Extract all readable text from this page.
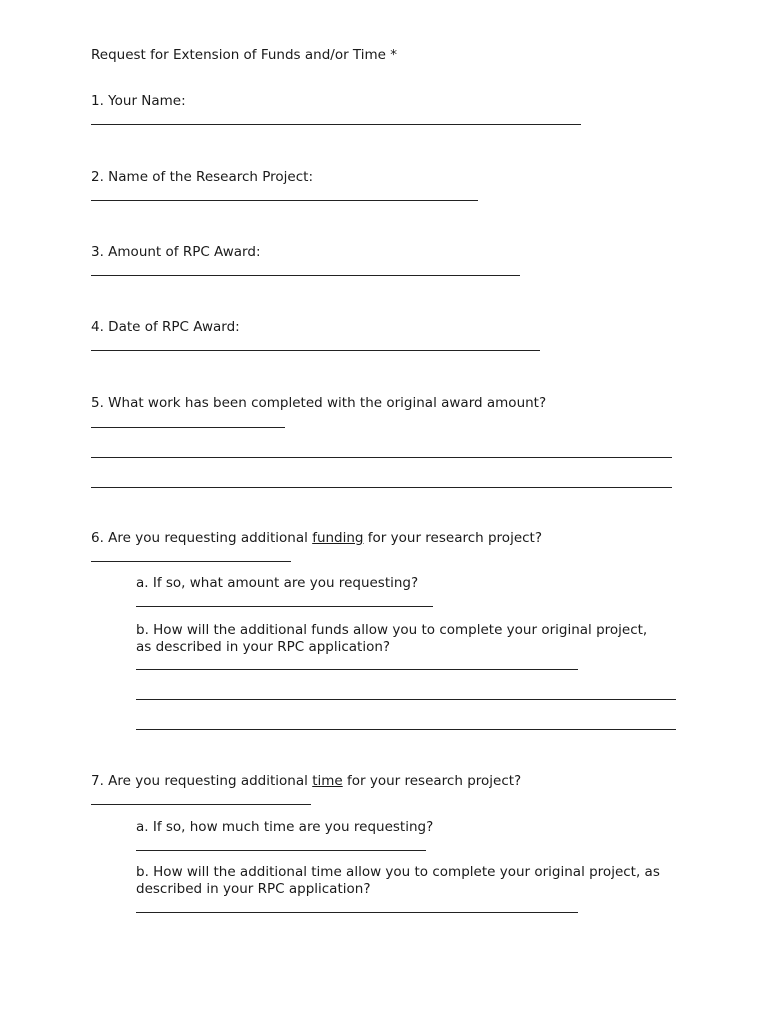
Request for Extension of Funds and/or Time *

1. Your Name:

2. Name of the Research Project:

3. Amount of RPC Award:

4. Date of RPC Award:

5. What work has been completed with the original award amount?

6. Are you requesting additional funding for your research project?

a. If so, what amount are you requesting?

b. How will the additional funds allow you to complete your original project,

as described in your RPC application?

7. Are you requesting additional time for your research project?

a. If so, how much time are you requesting?

b. How will the additional time allow you to complete your original project, as

described in your RPC application?
